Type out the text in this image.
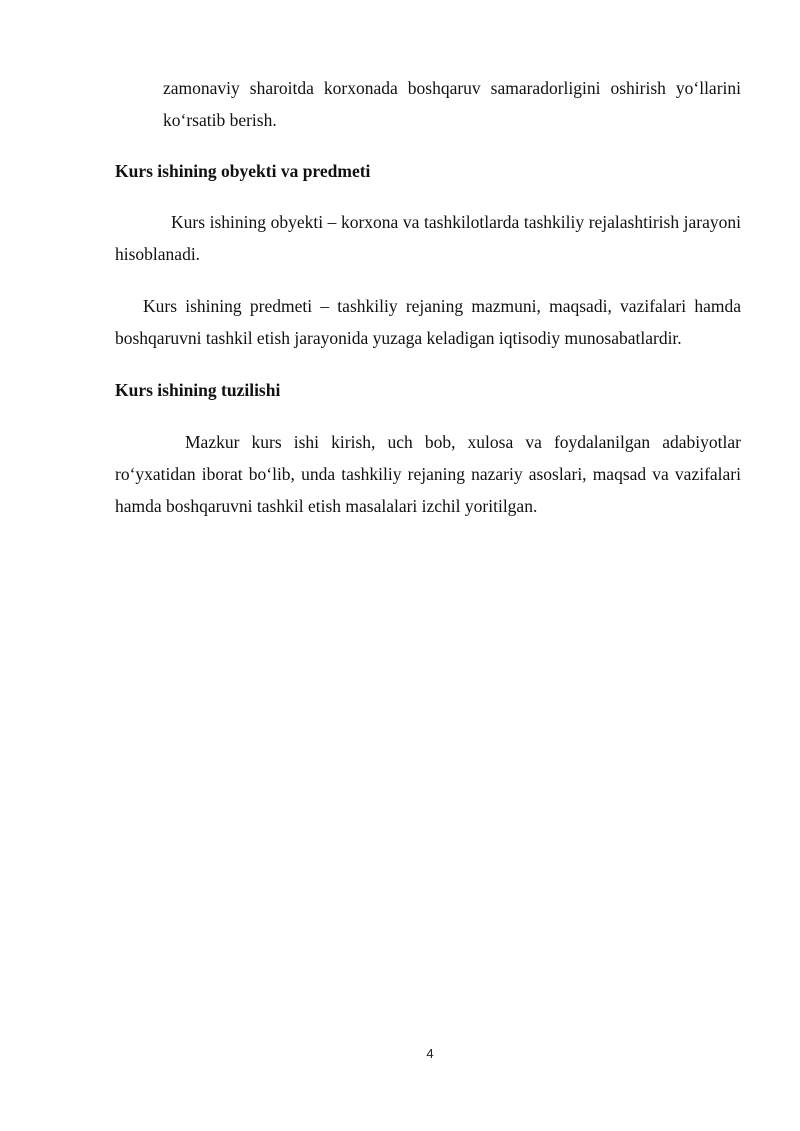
zamonaviy sharoitda korxonada boshqaruv samaradorligini oshirish yo‘llarini ko‘rsatib berish.

Kurs ishining obyekti va predmeti

Kurs ishining obyekti – korxona va tashkilotlarda tashkiliy rejalashtirish jarayoni hisoblanadi.

Kurs ishining predmeti – tashkiliy rejaning mazmuni, maqsadi, vazifalari hamda boshqaruvni tashkil etish jarayonida yuzaga keladigan iqtisodiy munosabatlardir.

Kurs ishining tuzilishi

Mazkur kurs ishi kirish, uch bob, xulosa va foydalanilgan adabiyotlar ro‘yxatidan iborat bo‘lib, unda tashkiliy rejaning nazariy asoslari, maqsad va vazifalari hamda boshqaruvni tashkil etish masalalari izchil yoritilgan.

4
